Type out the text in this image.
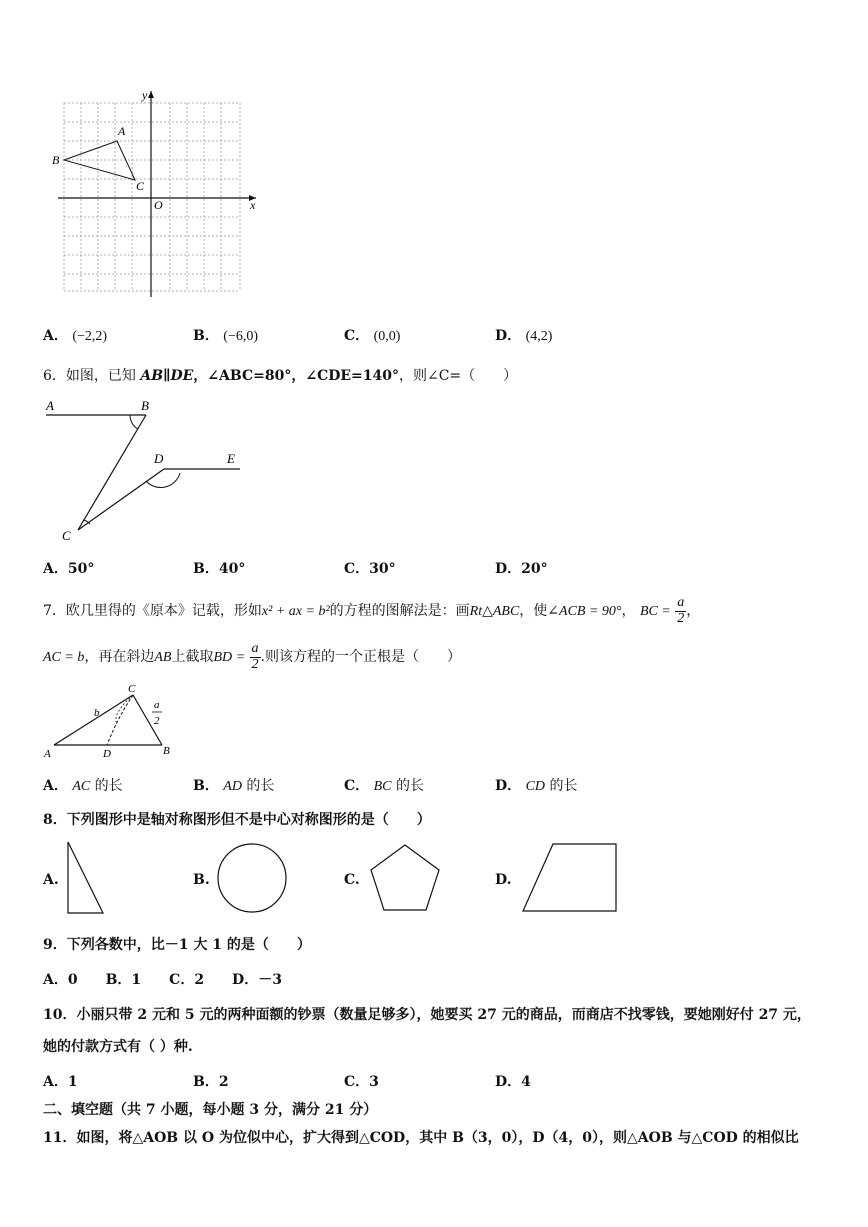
y
x
O
A
B
C
A． (−2,2)	B． (−6,0)	C． (0,0)	D． (4,2)
6．如图，已知 AB∥DE，∠ABC=80°，∠CDE=140°，则∠C=（　　）
A	B
C
D	E
A．50°	B．40°	C．30°	D．20°
7．欧几里得的《原本》记载，形如x² + ax = b²的方程的图解法是：画Rt△ABC，使∠ACB = 90°， BC = $\frac{a}{2}$ ，
AC = b，再在斜边AB上截取BD = $\frac{a}{2}$ .则该方程的一个正根是（　　）
A	B
C
D
b
a
2
A． AC 的长	B． AD 的长	C． BC 的长	D． CD 的长
8．下列图形中是轴对称图形但不是中心对称图形的是（　　）
A.	B.	C.	D.
9．下列各数中，比－1 大 1 的是（　　）
A．0　　B．1　　C．2　　D．－3
10．小丽只带 2 元和 5 元的两种面额的钞票（数量足够多），她要买 27 元的商品，而商店不找零钱，要她刚好付 27 元，
她的付款方式有（ ）种.
A．1	B．2	C．3	D．4
二、填空题（共 7 小题，每小题 3 分，满分 21 分）
11．如图，将△AOB 以 O 为位似中心，扩大得到△COD，其中 B（3，0），D（4，0），则△AOB 与△COD 的相似比
